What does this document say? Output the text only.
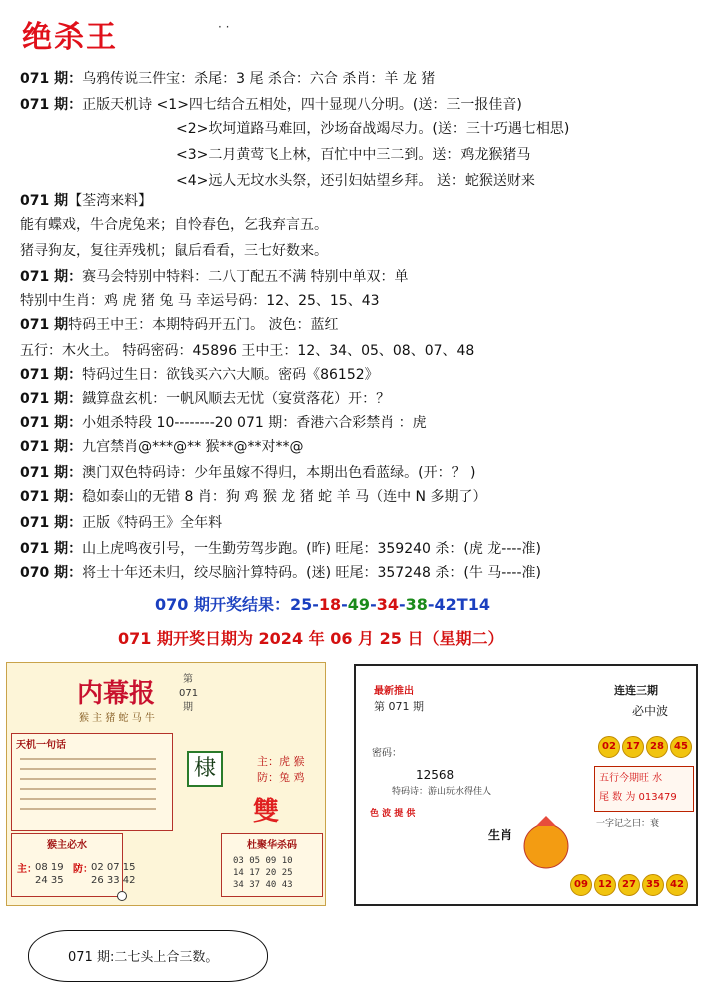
绝杀王	· ·
071 期：乌鸦传说三件宝：杀尾：3 尾 杀合：六合 杀肖：羊 龙 猪
071 期：正版天机诗 <1>四七结合五相处，四十显现八分明。(送：三一报佳音)
<2>坎坷道路马难回，沙场奋战竭尽力。(送：三十巧遇七相思)
<3>二月黄莺飞上林，百忙中中三二到。送：鸡龙猴猪马
<4>远人无坟水头祭，还引妇姑望乡拜。 送：蛇猴送财来
071 期【荃湾来料】
能有蝶戏，牛合虎兔来；自怜春色，乞我弃言五。
猪寻狗友，复往弄残机；鼠后看看，三七好数来。
071 期：赛马会特别中特料：二八丁配五不满 特别中单双：单
特别中生肖：鸡 虎 猪 兔 马 幸运号码：12、25、15、43
071 期特码王中王：本期特码开五门。 波色：蓝红
五行：木火土。 特码密码：45896 王中王：12、34、05、08、07、48
071 期：特码过生日：欲钱买六六大顺。密码《86152》
071 期：鐡算盘玄机：一帆风顺去无忧（宴赏落花）开：？
071 期：小姐杀特段 10--------20 071 期：香港六合彩禁肖 ：虎
071 期：九宫禁肖@***@** 猴**@**对**@
071 期：澳门双色特码诗：少年虽嫁不得归，本期出色看蓝绿。(开：？ )
071 期：稳如泰山的无错 8 肖：狗 鸡 猴 龙 猪 蛇 羊 马（连中 N 多期了）
071 期：正版《特码王》全年料
071 期：山上虎鸣夜引号，一生勤劳驾步跑。(昨) 旺尾：359240 杀：(虎 龙----准)
070 期：将士十年还未归，绞尽脑汁算特码。(迷) 旺尾：357248 杀：(牛 马----准)
070 期开奖结果：25-18-49-34-38-42T14
071 期开奖日期为 2024 年 06 月 25 日（星期二）
内幕报
猴 主 猪 蛇 马 牛
第 071 期
天机一句话
棣	主：虎 猴
防：兔 鸡
雙
猴主必水
主：
08 19
24 35
防：
02 07 15
26 33 42
杜聚华杀码
03 05 09 10
14 17 20 25
34 37 40 43
最新推出
第 071 期
连连三期
必中波
02	17	28	45
密码：
12568
特码诗：游山玩水得佳人
五行今期旺 水
尾 数 为 013479
色 波 提 供
生肖
一字记之曰：衰
09	12	27	35	42
071 期:二七头上合三数。
